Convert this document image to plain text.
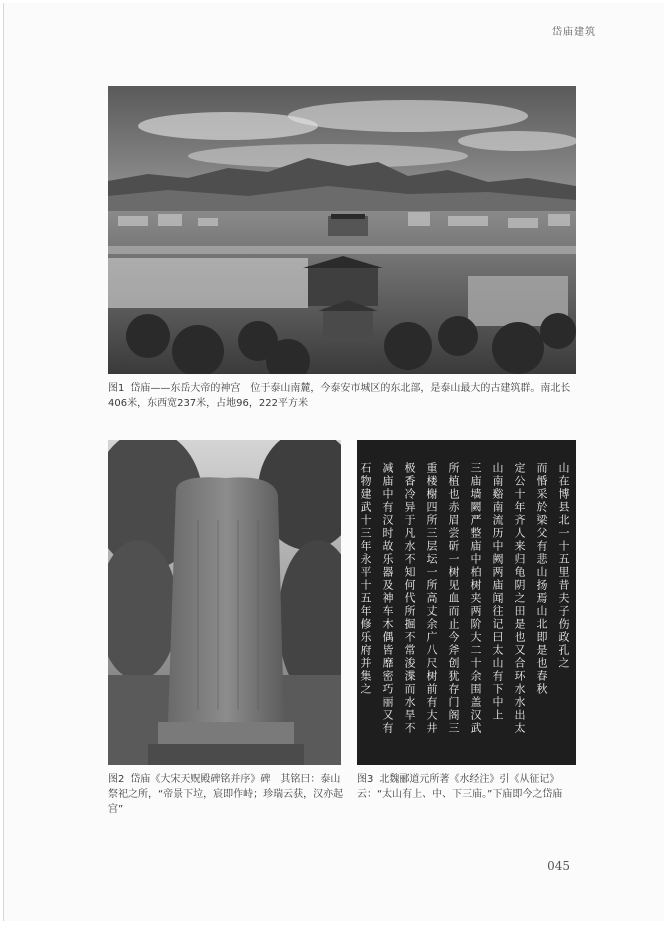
岱庙建筑
图1 岱庙——东岳大帝的神宫　位于泰山南麓，今泰安市城区的东北部，是泰山最大的古建筑群。南北长406米，东西宽237米，占地96，222平方米
图2 岱庙《大宋天贶殿碑铭并序》碑　其铭曰：泰山祭祀之所，“帝景下垃，宸即作峙；珍瑞云获，汉亦起宫”
山在博县北一十五里昔夫子伤政孔之
而惛采於梁父有悲山扬焉山北即是也春秋
定公十年齐人来归龟阴之田是也又合环水水出太
山南谿南流历中阙两庙闻往记曰太山有下中上
三庙墙闕严整庙中柏树夹两阶大二十余围盖汉武
所植也赤眉尝斫一树见血而止今斧创犹存门阁三
重楼榭四所三层坛一所高丈余广八尺树前有大井
极香冷异于凡水不知何代所掘不常浚渫而水旱不
减庙中有汉时故乐器及神车木偶皆靡密巧丽又有
石物建武十三年永平十五年修乐府并集之
图3 北魏郦道元所著《水经注》引《从征记》云：“太山有上、中、下三庙。”下庙即今之岱庙
045
